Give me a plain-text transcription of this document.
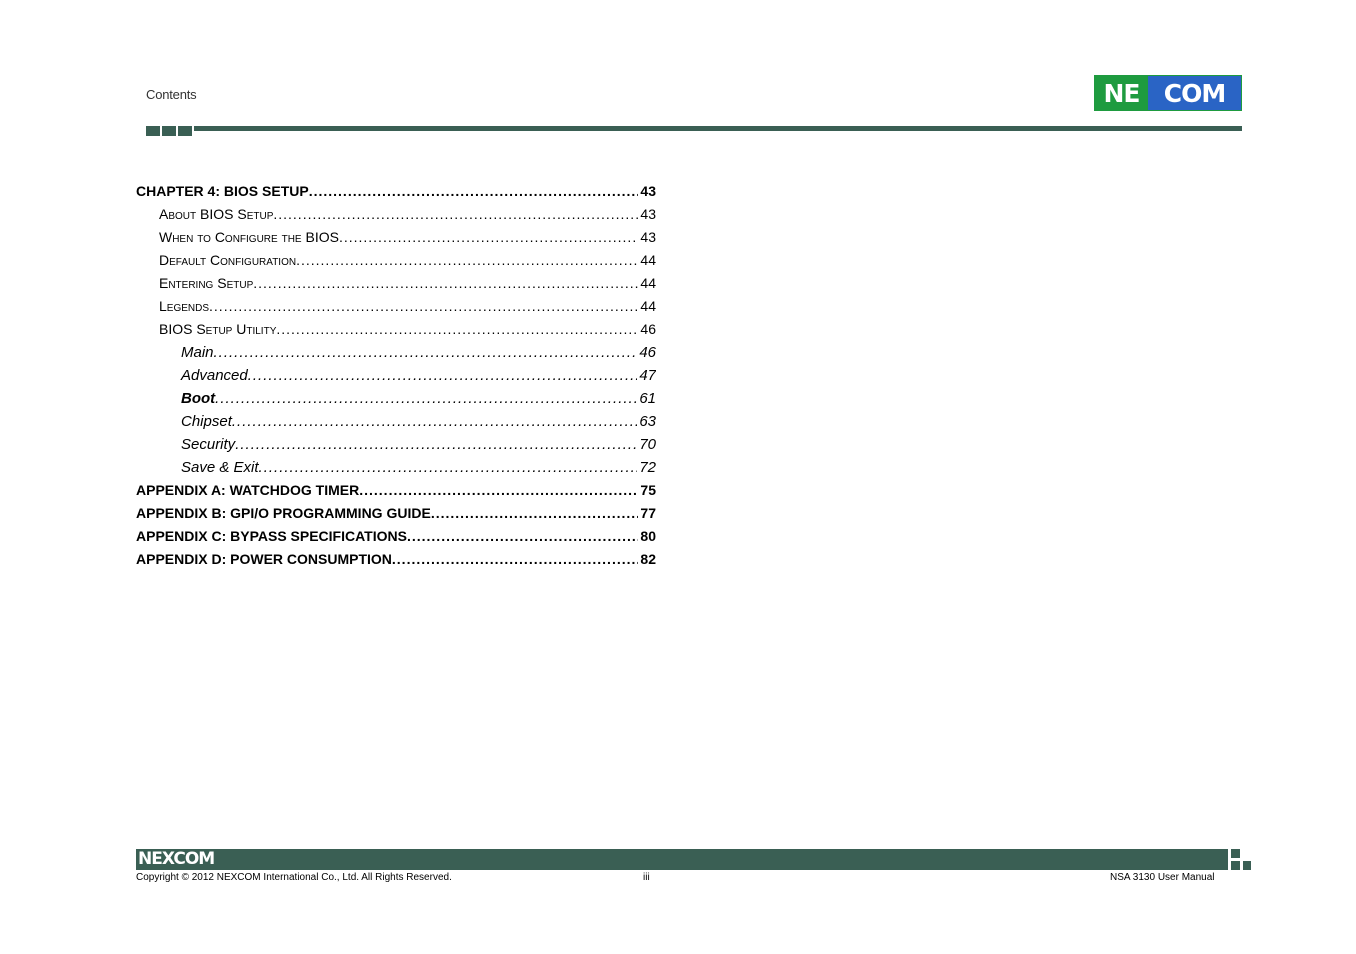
Contents	NE COM
CHAPTER 4: BIOS SETUP .....	43
About BIOS Setup .....	43
When to Configure the BIOS .....	43
Default Configuration .....	44
Entering Setup .....	44
Legends .....	44
BIOS Setup Utility .....	46
Main .....	46
Advanced .....	47
Boot .....	61
Chipset .....	63
Security .....	70
Save & Exit .....	72
APPENDIX A: WATCHDOG TIMER .....	75
APPENDIX B: GPI/O PROGRAMMING GUIDE .....	77
APPENDIX C: BYPASS SPECIFICATIONS .....	80
APPENDIX D: POWER CONSUMPTION .....	82
NEXCOM
Copyright © 2012 NEXCOM International Co., Ltd. All Rights Reserved.	iii	NSA 3130 User Manual
